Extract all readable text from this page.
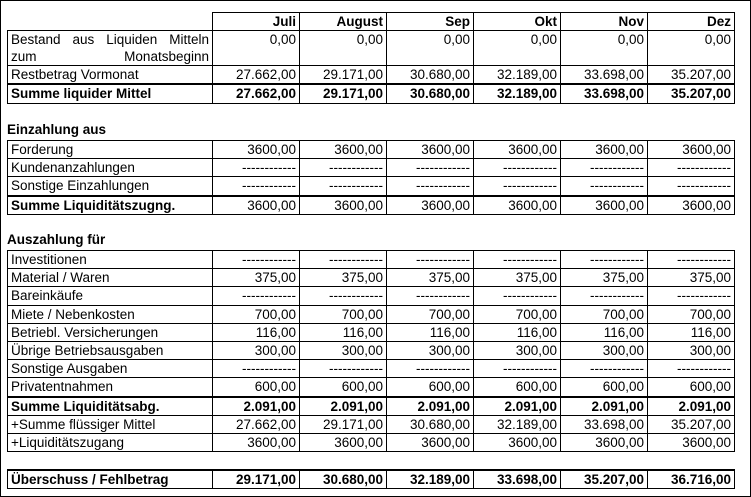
	Juli	August	Sep	Okt	Nov	Dez
Bestand aus Liquiden Mitteln zum Monatsbeginn	0,00	0,00	0,00	0,00	0,00	0,00
Restbetrag Vormonat	27.662,00	29.171,00	30.680,00	32.189,00	33.698,00	35.207,00
Summe liquider Mittel	27.662,00	29.171,00	30.680,00	32.189,00	33.698,00	35.207,00
Einzahlung aus
Forderung	3600,00	3600,00	3600,00	3600,00	3600,00	3600,00
Kundenanzahlungen	------------	------------	------------	------------	------------	------------
Sonstige Einzahlungen	------------	------------	------------	------------	------------	------------
Summe Liquiditätszugng.	3600,00	3600,00	3600,00	3600,00	3600,00	3600,00
Auszahlung für
Investitionen	------------	------------	------------	------------	------------	------------
Material / Waren	375,00	375,00	375,00	375,00	375,00	375,00
Bareinkäufe	------------	------------	------------	------------	------------	------------
Miete / Nebenkosten	700,00	700,00	700,00	700,00	700,00	700,00
Betriebl. Versicherungen	116,00	116,00	116,00	116,00	116,00	116,00
Übrige Betriebsausgaben	300,00	300,00	300,00	300,00	300,00	300,00
Sonstige Ausgaben	------------	------------	------------	------------	------------	------------
Privatentnahmen	600,00	600,00	600,00	600,00	600,00	600,00
Summe Liquiditätsabg.	2.091,00	2.091,00	2.091,00	2.091,00	2.091,00	2.091,00
+Summe flüssiger Mittel	27.662,00	29.171,00	30.680,00	32.189,00	33.698,00	35.207,00
+Liquiditätszugang	3600,00	3600,00	3600,00	3600,00	3600,00	3600,00
Überschuss / Fehlbetrag	29.171,00	30.680,00	32.189,00	33.698,00	35.207,00	36.716,00
